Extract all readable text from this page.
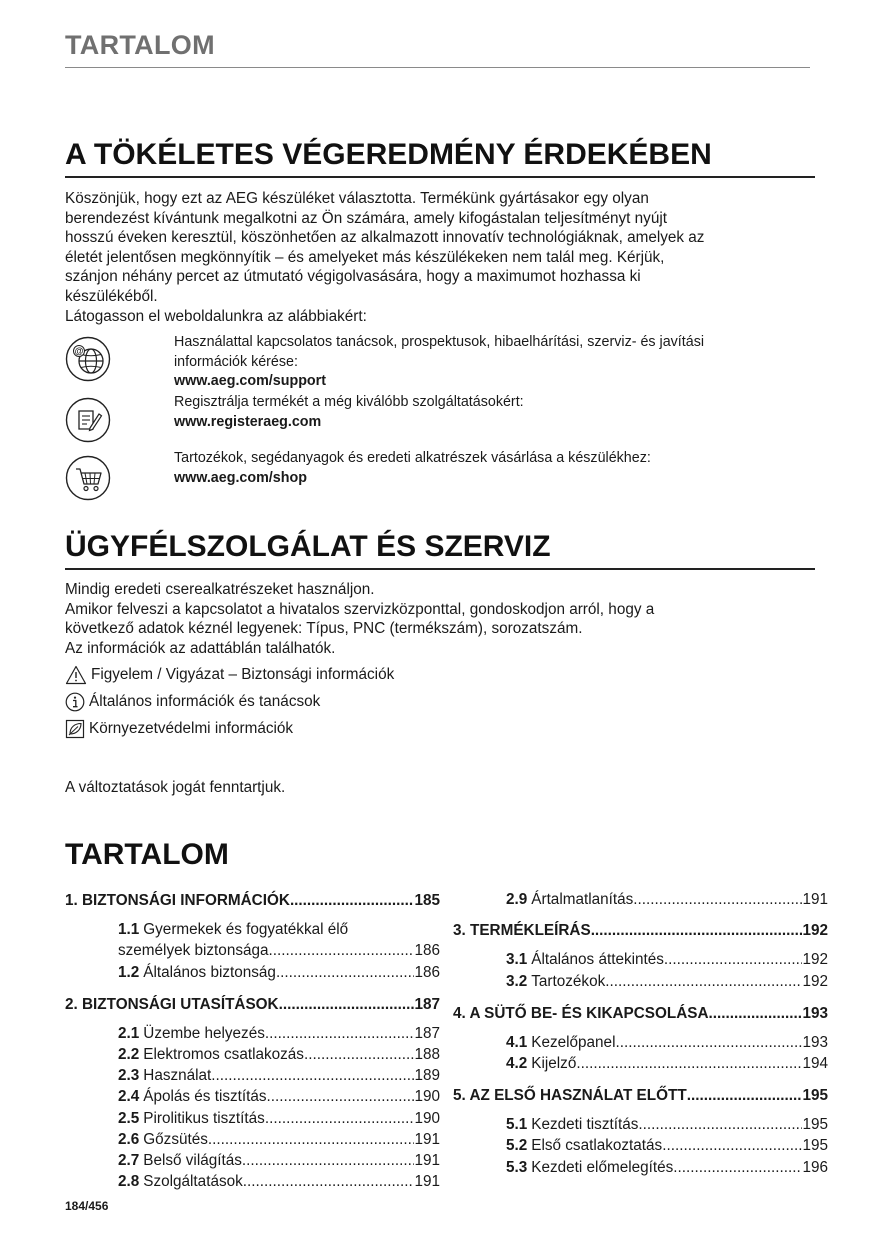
TARTALOM
A TÖKÉLETES VÉGEREDMÉNY ÉRDEKÉBEN
Köszönjük, hogy ezt az AEG készüléket választotta. Termékünk gyártásakor egy olyan
berendezést kívántunk megalkotni az Ön számára, amely kifogástalan teljesítményt nyújt
hosszú éveken keresztül, köszönhetően az alkalmazott innovatív technológiáknak, amelyek az
életét jelentősen megkönnyítik – és amelyeket más készülékeken nem talál meg. Kérjük,
szánjon néhány percet az útmutató végigolvasására, hogy a maximumot hozhassa ki
készülékéből.
Látogasson el weboldalunkra az alábbiakért:
@
Használattal kapcsolatos tanácsok, prospektusok, hibaelhárítási, szerviz- és javítási
információk kérése:
www.aeg.com/support
Regisztrálja termékét a még kiválóbb szolgáltatásokért:
www.registeraeg.com
Tartozékok, segédanyagok és eredeti alkatrészek vásárlása a készülékhez:
www.aeg.com/shop
ÜGYFÉLSZOLGÁLAT ÉS SZERVIZ
Mindig eredeti cserealkatrészeket használjon.
Amikor felveszi a kapcsolatot a hivatalos szervizközponttal, gondoskodjon arról, hogy a
következő adatok kéznél legyenek: Típus, PNC (termékszám), sorozatszám.
Az információk az adattáblán találhatók.
Figyelem / Vigyázat – Biztonsági információk
Általános információk és tanácsok
Környezetvédelmi információk
A változtatások jogát fenntartjuk.
TARTALOM
1. BIZTONSÁGI INFORMÁCIÓK .....	185
1.1 Gyermekek és fogyatékkal élő
személyek biztonsága .....	186
1.2 Általános biztonság .....	186
2. BIZTONSÁGI UTASÍTÁSOK .....	187
2.1 Üzembe helyezés .....	187
2.2 Elektromos csatlakozás .....	188
2.3 Használat .....	189
2.4 Ápolás és tisztítás .....	190
2.5 Pirolitikus tisztítás .....	190
2.6 Gőzsütés .....	191
2.7 Belső világítás .....	191
2.8 Szolgáltatások .....	191
2.9 Ártalmatlanítás .....	191
3. TERMÉKLEÍRÁS .....	192
3.1 Általános áttekintés .....	192
3.2 Tartozékok .....	192
4. A SÜTŐ BE- ÉS KIKAPCSOLÁSA .....	193
4.1 Kezelőpanel .....	193
4.2 Kijelző .....	194
5. AZ ELSŐ HASZNÁLAT ELŐTT .....	195
5.1 Kezdeti tisztítás .....	195
5.2 Első csatlakoztatás .....	195
5.3 Kezdeti előmelegítés .....	196
184/456
